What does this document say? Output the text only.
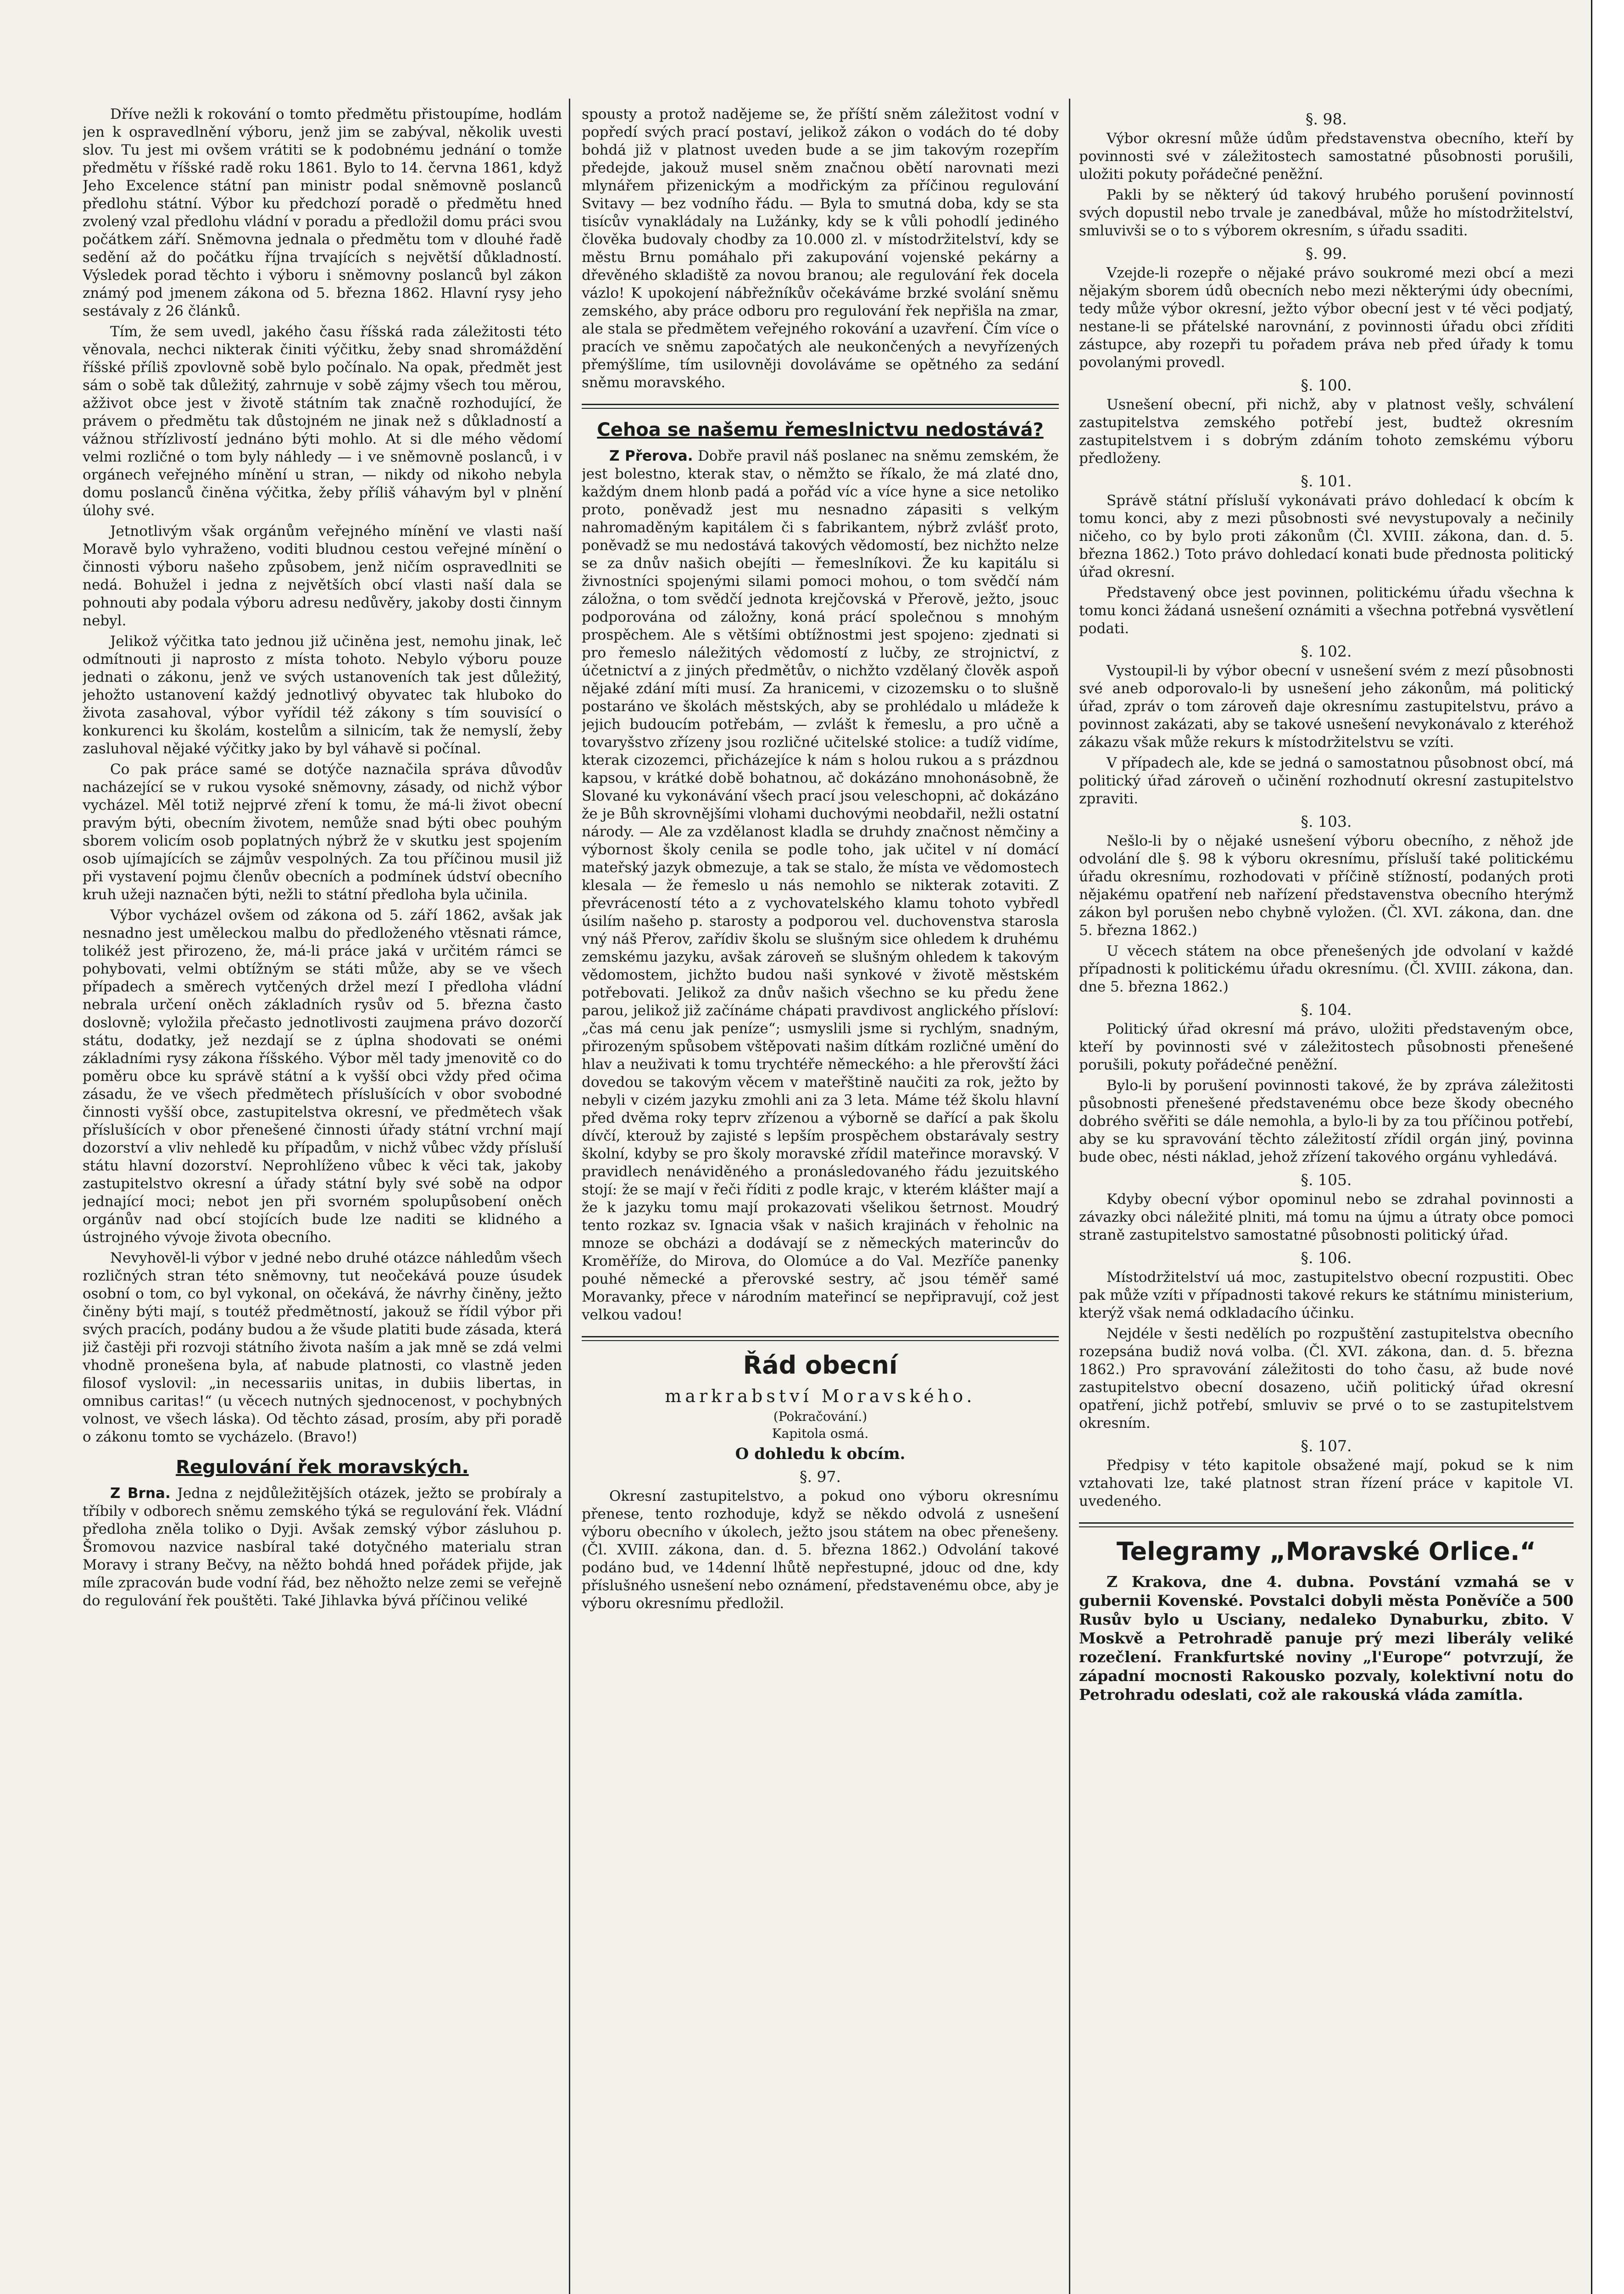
Dříve nežli k rokování o tomto předmětu přistoupíme, hodlám jen k ospravedlnění výboru, jenž jim se zabýval, několik uvesti slov. Tu jest mi ovšem vrátiti se k podobnému jednání o tomže předmětu v říšské radě roku 1861. Bylo to 14. června 1861, když Jeho Excelence státní pan ministr podal sněmovně poslanců předlohu státní. Výbor ku předchozí poradě o předmětu hned zvolený vzal předlohu vládní v poradu a předložil domu práci svou počátkem září. Sněmovna jednala o předmětu tom v dlouhé řadě sedění až do počátku října trvajících s největší důkladností. Výsledek porad těchto i výboru i sněmovny poslanců byl zákon známý pod jmenem zákona od 5. března 1862. Hlavní rysy jeho sestávaly z 26 článků.

Tím, že sem uvedl, jakého času říšská rada záležitosti této věnovala, nechci nikterak činiti výčitku, žeby snad shromáždění říšské příliš zpovlovně sobě bylo počínalo. Na opak, předmět jest sám o sobě tak důležitý, zahrnuje v sobě zájmy všech tou měrou, ažživot obce jest v životě státním tak značně rozhodující, že právem o předmětu tak důstojném ne jinak než s důkladností a vážnou střízlivostí jednáno býti mohlo. At si dle mého vědomí velmi rozličné o tom byly náhledy — i ve sněmovně poslanců, i v orgánech veřejného mínění u stran, — nikdy od nikoho nebyla domu poslanců činěna výčitka, žeby příliš váhavým byl v plnění úlohy své.

Jetnotlivým však orgánům veřejného mínění ve vlasti naší Moravě bylo vyhraženo, voditi bludnou cestou veřejné mínění o činnosti výboru našeho způsobem, jenž ničím ospravedlniti se nedá. Bohužel i jedna z největších obcí vlasti naší dala se pohnouti aby podala výboru adresu nedůvěry, jakoby dosti činnym nebyl.

Jelikož výčitka tato jednou již učiněna jest, nemohu jinak, leč odmítnouti ji naprosto z místa tohoto. Nebylo výboru pouze jednati o zákonu, jenž ve svých ustanoveních tak jest důležitý, jehožto ustanovení každý jednotlivý obyvatec tak hluboko do života zasahoval, výbor vyřídil též zákony s tím souvisící o konkurenci ku školám, kostelům a silnicím, tak že nemyslí, žeby zasluhoval nějaké výčitky jako by byl váhavě si počínal.

Co pak práce samé se dotýče naznačila správa důvodův nacházející se v rukou vysoké sněmovny, zásady, od nichž výbor vycházel. Měl totiž nejprvé zření k tomu, že má-li život obecní pravým býti, obecním životem, nemůže snad býti obec pouhým sborem volicím osob poplatných nýbrž že v skutku jest spojením osob ujímajících se zájmův vespolných. Za tou příčinou musil již při vystavení pojmu členův obecních a podmínek údství obecního kruh užeji naznačen býti, nežli to státní předloha byla učinila.

Výbor vycházel ovšem od zákona od 5. září 1862, avšak jak nesnadno jest uměleckou malbu do předloženého vtěsnati rámce, tolikéž jest přirozeno, že, má-li práce jaká v určitém rámci se pohybovati, velmi obtížným se státi může, aby se ve všech případech a směrech vytčených držel mezí I předloha vládní nebrala určení oněch základních rysův od 5. března často doslovně; vyložila přečasto jednotlivosti zaujmena právo dozorčí státu, dodatky, jež nezdají se z úplna shodovati se onémi základními rysy zákona říšského. Výbor měl tady jmenovitě co do poměru obce ku správě státní a k vyšší obci vždy před očima zásadu, že ve všech předmětech příslušících v obor svobodné činnosti vyšší obce, zastupitelstva okresní, ve předmětech však příslušících v obor přenešené činnosti úřady státní vrchní mají dozorství a vliv nehledě ku případům, v nichž vůbec vždy přísluší státu hlavní dozorství. Neprohlíženo vůbec k věci tak, jakoby zastupitelstvo okresní a úřady státní byly své sobě na odpor jednající moci; nebot jen při svorném spolupůsobení oněch orgánův nad obcí stojících bude lze naditi se klidného a ústrojného vývoje života obecního.

Nevyhověl-li výbor v jedné nebo druhé otázce náhledům všech rozličných stran této sněmovny, tut neočekává pouze úsudek osobní o tom, co byl vykonal, on očekává, že návrhy činěny, ježto činěny býti mají, s toutéž předmětností, jakouž se řídil výbor při svých pracích, podány budou a že všude platiti bude zásada, která již častěji při rozvoji státního života naším a jak mně se zdá velmi vhodně pronešena byla, ať nabude platnosti, co vlastně jeden filosof vyslovil: „in necessariis unitas, in dubiis libertas, in omnibus caritas!“ (u věcech nutných sjednocenost, v pochybných volnost, ve všech láska). Od těchto zásad, prosím, aby při poradě o zákonu tomto se vycházelo. (Bravo!)

Regulování řek moravských.

Z Brna. Jedna z nejdůležitějších otázek, ježto se probíraly a tříbily v odborech sněmu zemského týká se regulování řek. Vládní předloha zněla toliko o Dyji. Avšak zemský výbor zásluhou p. Šromovou nazvice nasbíral také dotyčného materialu stran Moravy i strany Bečvy, na něžto bohdá hned pořádek přijde, jak míle zpracován bude vodní řád, bez něhožto nelze zemi se veřejně do regulování řek pouštěti. Také Jihlavka bývá příčinou veliké

spousty a protož nadějeme se, že příští sněm záležitost vodní v popředí svých prací postaví, jelikož zákon o vodách do té doby bohdá již v platnost uveden bude a se jim takovým rozepřím předejde, jakouž musel sněm značnou obětí narovnati mezi mlynářem přizenickým a modřickým za příčinou regulování Svitavy — bez vodního řádu. — Byla to smutná doba, kdy se sta tisícův vynakládaly na Lužánky, kdy se k vůli pohodlí jediného člověka budovaly chodby za 10.000 zl. v místodržitelství, kdy se městu Brnu pomáhalo při zakupování vojenské pekárny a dřevěného skladiště za novou branou; ale regulování řek docela vázlo! K upokojení nábřežníkův očekáváme brzké svolání sněmu zemského, aby práce odboru pro regulování řek nepřišla na zmar, ale stala se předmětem veřejného rokování a uzavření. Čím více o pracích ve sněmu započatých ale neukončených a nevyřízených přemýšlíme, tím usilovněji dovoláváme se opětného za sedání sněmu moravského.

Cehoa se našemu řemeslnictvu nedostává?

Z Přerova. Dobře pravil náš poslanec na sněmu zemském, že jest bolestno, kterak stav, o němžto se říkalo, že má zlaté dno, každým dnem hlonb padá a pořád víc a více hyne a sice netoliko proto, poněvadž jest mu nesnadno zápasiti s velkým nahromaděným kapitálem či s fabrikantem, nýbrž zvlášť proto, poněvadž se mu nedostává takových vědomostí, bez nichžto nelze se za dnův našich obejíti — řemeslníkovi. Že ku kapitálu si živnostníci spojenými silami pomoci mohou, o tom svědčí nám záložna, o tom svědčí jednota krejčovská v Přerově, ježto, jsouc podporována od záložny, koná prácí společnou s mnohým prospěchem. Ale s většími obtížnostmi jest spojeno: zjednati si pro řemeslo náležitých vědomostí z lučby, ze strojnictví, z účetnictví a z jiných předmětův, o nichžto vzdělaný člověk aspoň nějaké zdání míti musí. Za hranicemi, v cizozemsku o to slušně postaráno ve školách městských, aby se prohlédalo u mládeže k jejich budoucím potřebám, — zvlášt k řemeslu, a pro učně a tovaryšstvo zřízeny jsou rozličné učitelské stolice: a tudíž vidíme, kterak cizozemci, přicházejíce k nám s holou rukou a s prázdnou kapsou, v krátké době bohatnou, ač dokázáno mnohonásobně, že Slované ku vykonávání všech prací jsou veleschopni, ač dokázáno že je Bůh skrovnějšími vlohami duchovými neobdařil, nežli ostatní národy. — Ale za vzdělanost kladla se druhdy značnost němčiny a výbornost školy cenila se podle toho, jak učitel v ní domácí mateřský jazyk obmezuje, a tak se stalo, že místa ve vědomostech klesala — že řemeslo u nás nemohlo se nikterak zotaviti. Z převráceností této a z vychovatelského klamu tohoto vybředl úsilím našeho p. starosty a podporou vel. duchovenstva starosla vný náš Přerov, zařídiv školu se slušným sice ohledem k druhému zemskému jazyku, avšak zároveň se slušným ohledem k takovým vědomostem, jichžto budou naši synkové v životě městském potřebovati. Jelikož za dnův našich všechno se ku předu žene parou, jelikož již začínáme chápati pravdivost anglického přísloví: „čas má cenu jak peníze“; usmyslili jsme si rychlým, snadným, přirozeným spůsobem vštěpovati našim dítkám rozličné umění do hlav a neuživati k tomu trychtéře německého: a hle přerovští žáci dovedou se takovým věcem v mateřštině naučiti za rok, ježto by nebyli v cizém jazyku zmohli ani za 3 leta. Máme též školu hlavní před dvěma roky teprv zřízenou a výborně se dařící a pak školu dívčí, kterouž by zajisté s lepším prospěchem obstarávaly sestry školní, kdyby se pro školy moravské zřídil mateřince moravský. V pravidlech nenáviděného a pronásledovaného řádu jezuitského stojí: že se mají v řeči říditi z podle krajc, v kterém klášter mají a že k jazyku tomu mají prokazovati všelikou šetrnost. Moudrý tento rozkaz sv. Ignacia však v našich krajinách v řeholnic na mnoze se obcházi a dodávají se z německých materincův do Kroměříže, do Mirova, do Olomúce a do Val. Mezříče panenky pouhé německé a přerovské sestry, ač jsou téměř samé Moravanky, přece v národním mateřincí se nepřipravují, což jest velkou vadou!

Řád obecní
markrabství Moravského.
(Pokračování.)
Kapitola osmá.
O dohledu k obcím.
§. 97.

Okresní zastupitelstvo, a pokud ono výboru okresnímu přenese, tento rozhoduje, když se někdo odvolá z usnešení výboru obecního v úkolech, ježto jsou státem na obec přenešeny. (Čl. XVIII. zákona, dan. d. 5. března 1862.) Odvolání takové podáno bud, ve 14denní lhůtě nepřestupné, jdouc od dne, kdy příslušného usnešení nebo oznámení, představenému obce, aby je výboru okresnímu předložil.

§. 98.

Výbor okresní může údům představenstva obecního, kteří by povinnosti své v záležitostech samostatné působnosti porušili, uložiti pokuty pořádečné peněžní.

Pakli by se některý úd takový hrubého porušení povinností svých dopustil nebo trvale je zanedbával, může ho místodržitelství, smluvivši se o to s výborem okresním, s úřadu ssaditi.

§. 99.

Vzejde-li rozepře o nějaké právo soukromé mezi obcí a mezi nějakým sborem údů obecních nebo mezi některými údy obecními, tedy může výbor okresní, ježto výbor obecní jest v té věci podjatý, nestane-li se přátelské narovnání, z povinnosti úřadu obci zříditi zástupce, aby rozepři tu pořadem práva neb před úřady k tomu povolanými provedl.

§. 100.

Usnešení obecní, při nichž, aby v platnost vešly, schválení zastupitelstva zemského potřebí jest, budtež okresním zastupitelstvem i s dobrým zdáním tohoto zemskému výboru předloženy.

§. 101.

Správě státní přísluší vykonávati právo dohledací k obcím k tomu konci, aby z mezi působnosti své nevystupovaly a nečinily ničeho, co by bylo proti zákonům (Čl. XVIII. zákona, dan. d. 5. března 1862.) Toto právo dohledací konati bude přednosta politický úřad okresní.

Představený obce jest povinnen, politickému úřadu všechna k tomu konci žádaná usnešení oznámiti a všechna potřebná vysvětlení podati.

§. 102.

Vystoupil-li by výbor obecní v usnešení svém z mezí působnosti své aneb odporovalo-li by usnešení jeho zákonům, má politický úřad, zpráv o tom zároveň daje okresnímu zastupitelstvu, právo a povinnost zakázati, aby se takové usnešení nevykonávalo z kteréhož zákazu však může rekurs k místodržitelstvu se vzíti.

V případech ale, kde se jedná o samostatnou působnost obcí, má politický úřad zároveň o učinění rozhodnutí okresní zastupitelstvo zpraviti.

§. 103.

Nešlo-li by o nějaké usnešení výboru obecního, z něhož jde odvolání dle §. 98 k výboru okresnímu, přísluší také politickému úřadu okresnímu, rozhodovati v příčině stížností, podaných proti nějakému opatření neb nařízení představenstva obecního hterýmž zákon byl porušen nebo chybně vyložen. (Čl. XVI. zákona, dan. dne 5. března 1862.)

U věcech státem na obce přenešených jde odvolaní v každé případnosti k politickému úřadu okresnímu. (Čl. XVIII. zákona, dan. dne 5. března 1862.)

§. 104.

Politický úřad okresní má právo, uložiti představeným obce, kteří by povinnosti své v záležitostech působnosti přenešené porušili, pokuty pořádečné peněžní.

Bylo-li by porušení povinnosti takové, že by zpráva záležitosti působnosti přenešené představenému obce beze škody obecného dobrého svěřiti se dále nemohla, a bylo-li by za tou příčinou potřebí, aby se ku spravování těchto záležitostí zřídil orgán jiný, povinna bude obec, nésti náklad, jehož zřízení takového orgánu vyhledává.

§. 105.

Kdyby obecní výbor opominul nebo se zdrahal povinnosti a závazky obci náležité plniti, má tomu na újmu a útraty obce pomoci straně zastupitelstvo samostatné působnosti politický úřad.

§. 106.

Místodržitelství uá moc, zastupitelstvo obecní rozpustiti. Obec pak může vzíti v případnosti takové rekurs ke státnímu ministerium, kterýž však nemá odkladacího účinku.

Nejdéle v šesti nedělích po rozpuštění zastupitelstva obecního rozepsána budiž nová volba. (Čl. XVI. zákona, dan. d. 5. března 1862.) Pro spravování záležitosti do toho času, až bude nové zastupitelstvo obecní dosazeno, učiň politický úřad okresní opatření, jichž potřebí, smluviv se prvé o to se zastupitelstvem okresním.

§. 107.

Předpisy v této kapitole obsažené mají, pokud se k nim vztahovati lze, také platnost stran řízení práce v kapitole VI. uvedeného.

Telegramy „Moravské Orlice.“

Z Krakova, dne 4. dubna. Povstání vzmahá se v gubernii Kovenské. Povstalci dobyli města Poněvíče a 500 Rusův bylo u Usciany, nedaleko Dynaburku, zbito. V Moskvě a Petrohradě panuje prý mezi liberály veliké rozečlení. Frankfurtské noviny „l'Europe“ potvrzují, že západní mocnosti Rakousko pozvaly, kolektivní notu do Petrohradu odeslati, což ale rakouská vláda zamítla.
